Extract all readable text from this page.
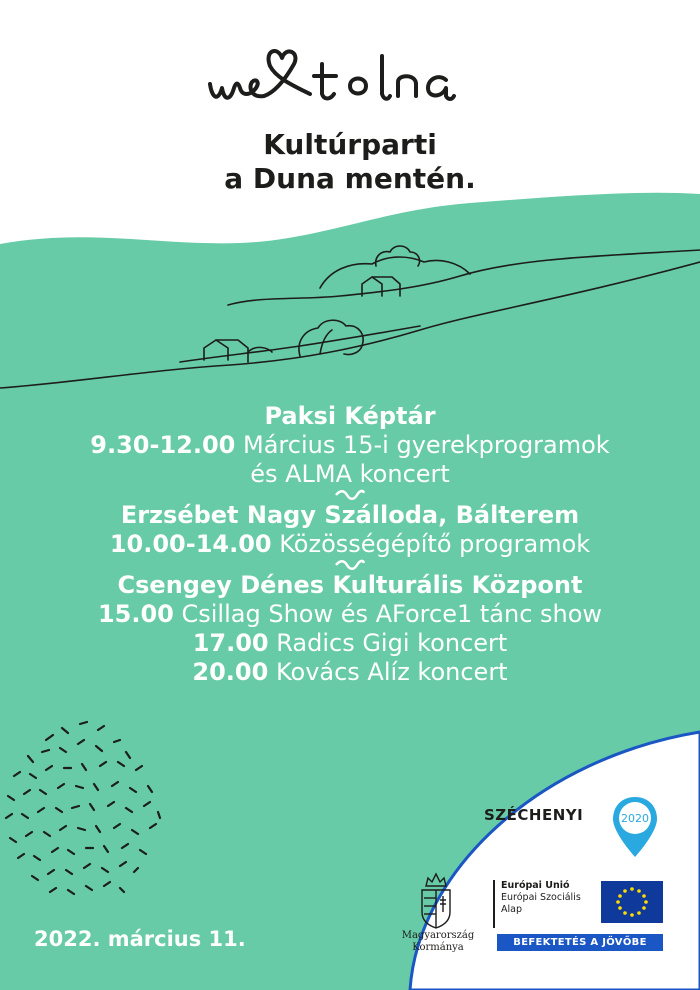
Kultúrparti
a Duna mentén.
Paksi Képtár
9.30-12.00 Március 15-i gyerekprogramok
és ALMA koncert
Erzsébet Nagy Szálloda, Bálterem
10.00-14.00 Közösségépítő programok
Csengey Dénes Kulturális Központ
15.00 Csillag Show és AForce1 tánc show
17.00 Radics Gigi koncert
20.00 Kovács Alíz koncert
2022. március 11.
SZÉCHENYI	2020
Magyarország
Kormánya
Európai Unió
Európai Szociális
Alap
BEFEKTETÉS A JÖVŐBE
